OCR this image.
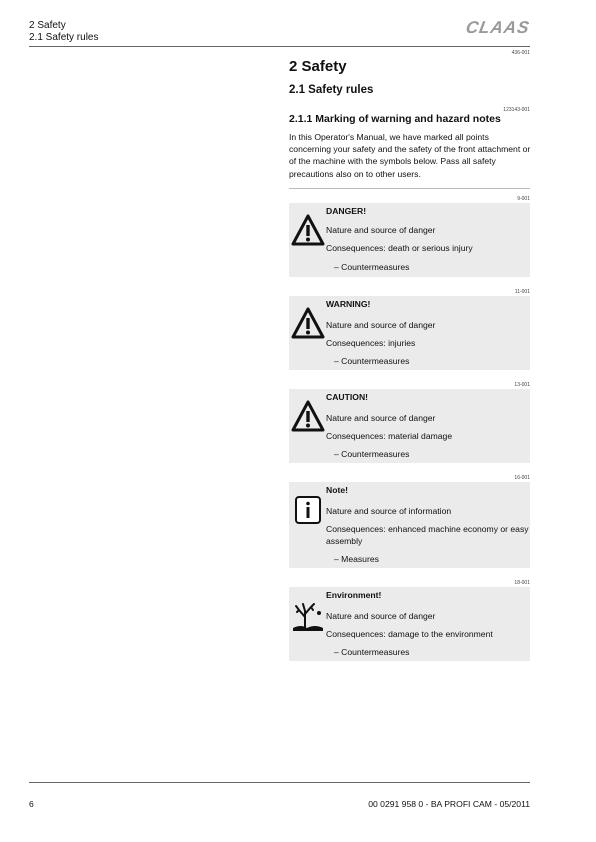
2 Safety
2.1 Safety rules
CLAAS
436-001
2 Safety
2.1 Safety rules
123143-001
2.1.1 Marking of warning and hazard notes
In this Operator's Manual, we have marked all points concerning your safety and the safety of the front attachment or of the machine with the symbols below. Pass all safety precautions also on to other users.
9-001
DANGER!
Nature and source of danger
Consequences: death or serious injury
– Countermeasures
11-001
WARNING!
Nature and source of danger
Consequences: injuries
– Countermeasures
13-001
CAUTION!
Nature and source of danger
Consequences: material damage
– Countermeasures
16-001
Note!
Nature and source of information
Consequences: enhanced machine economy or easy assembly
– Measures
18-001
Environment!
Nature and source of danger
Consequences: damage to the environment
– Countermeasures
6	00 0291 958 0 - BA PROFI CAM - 05/2011
